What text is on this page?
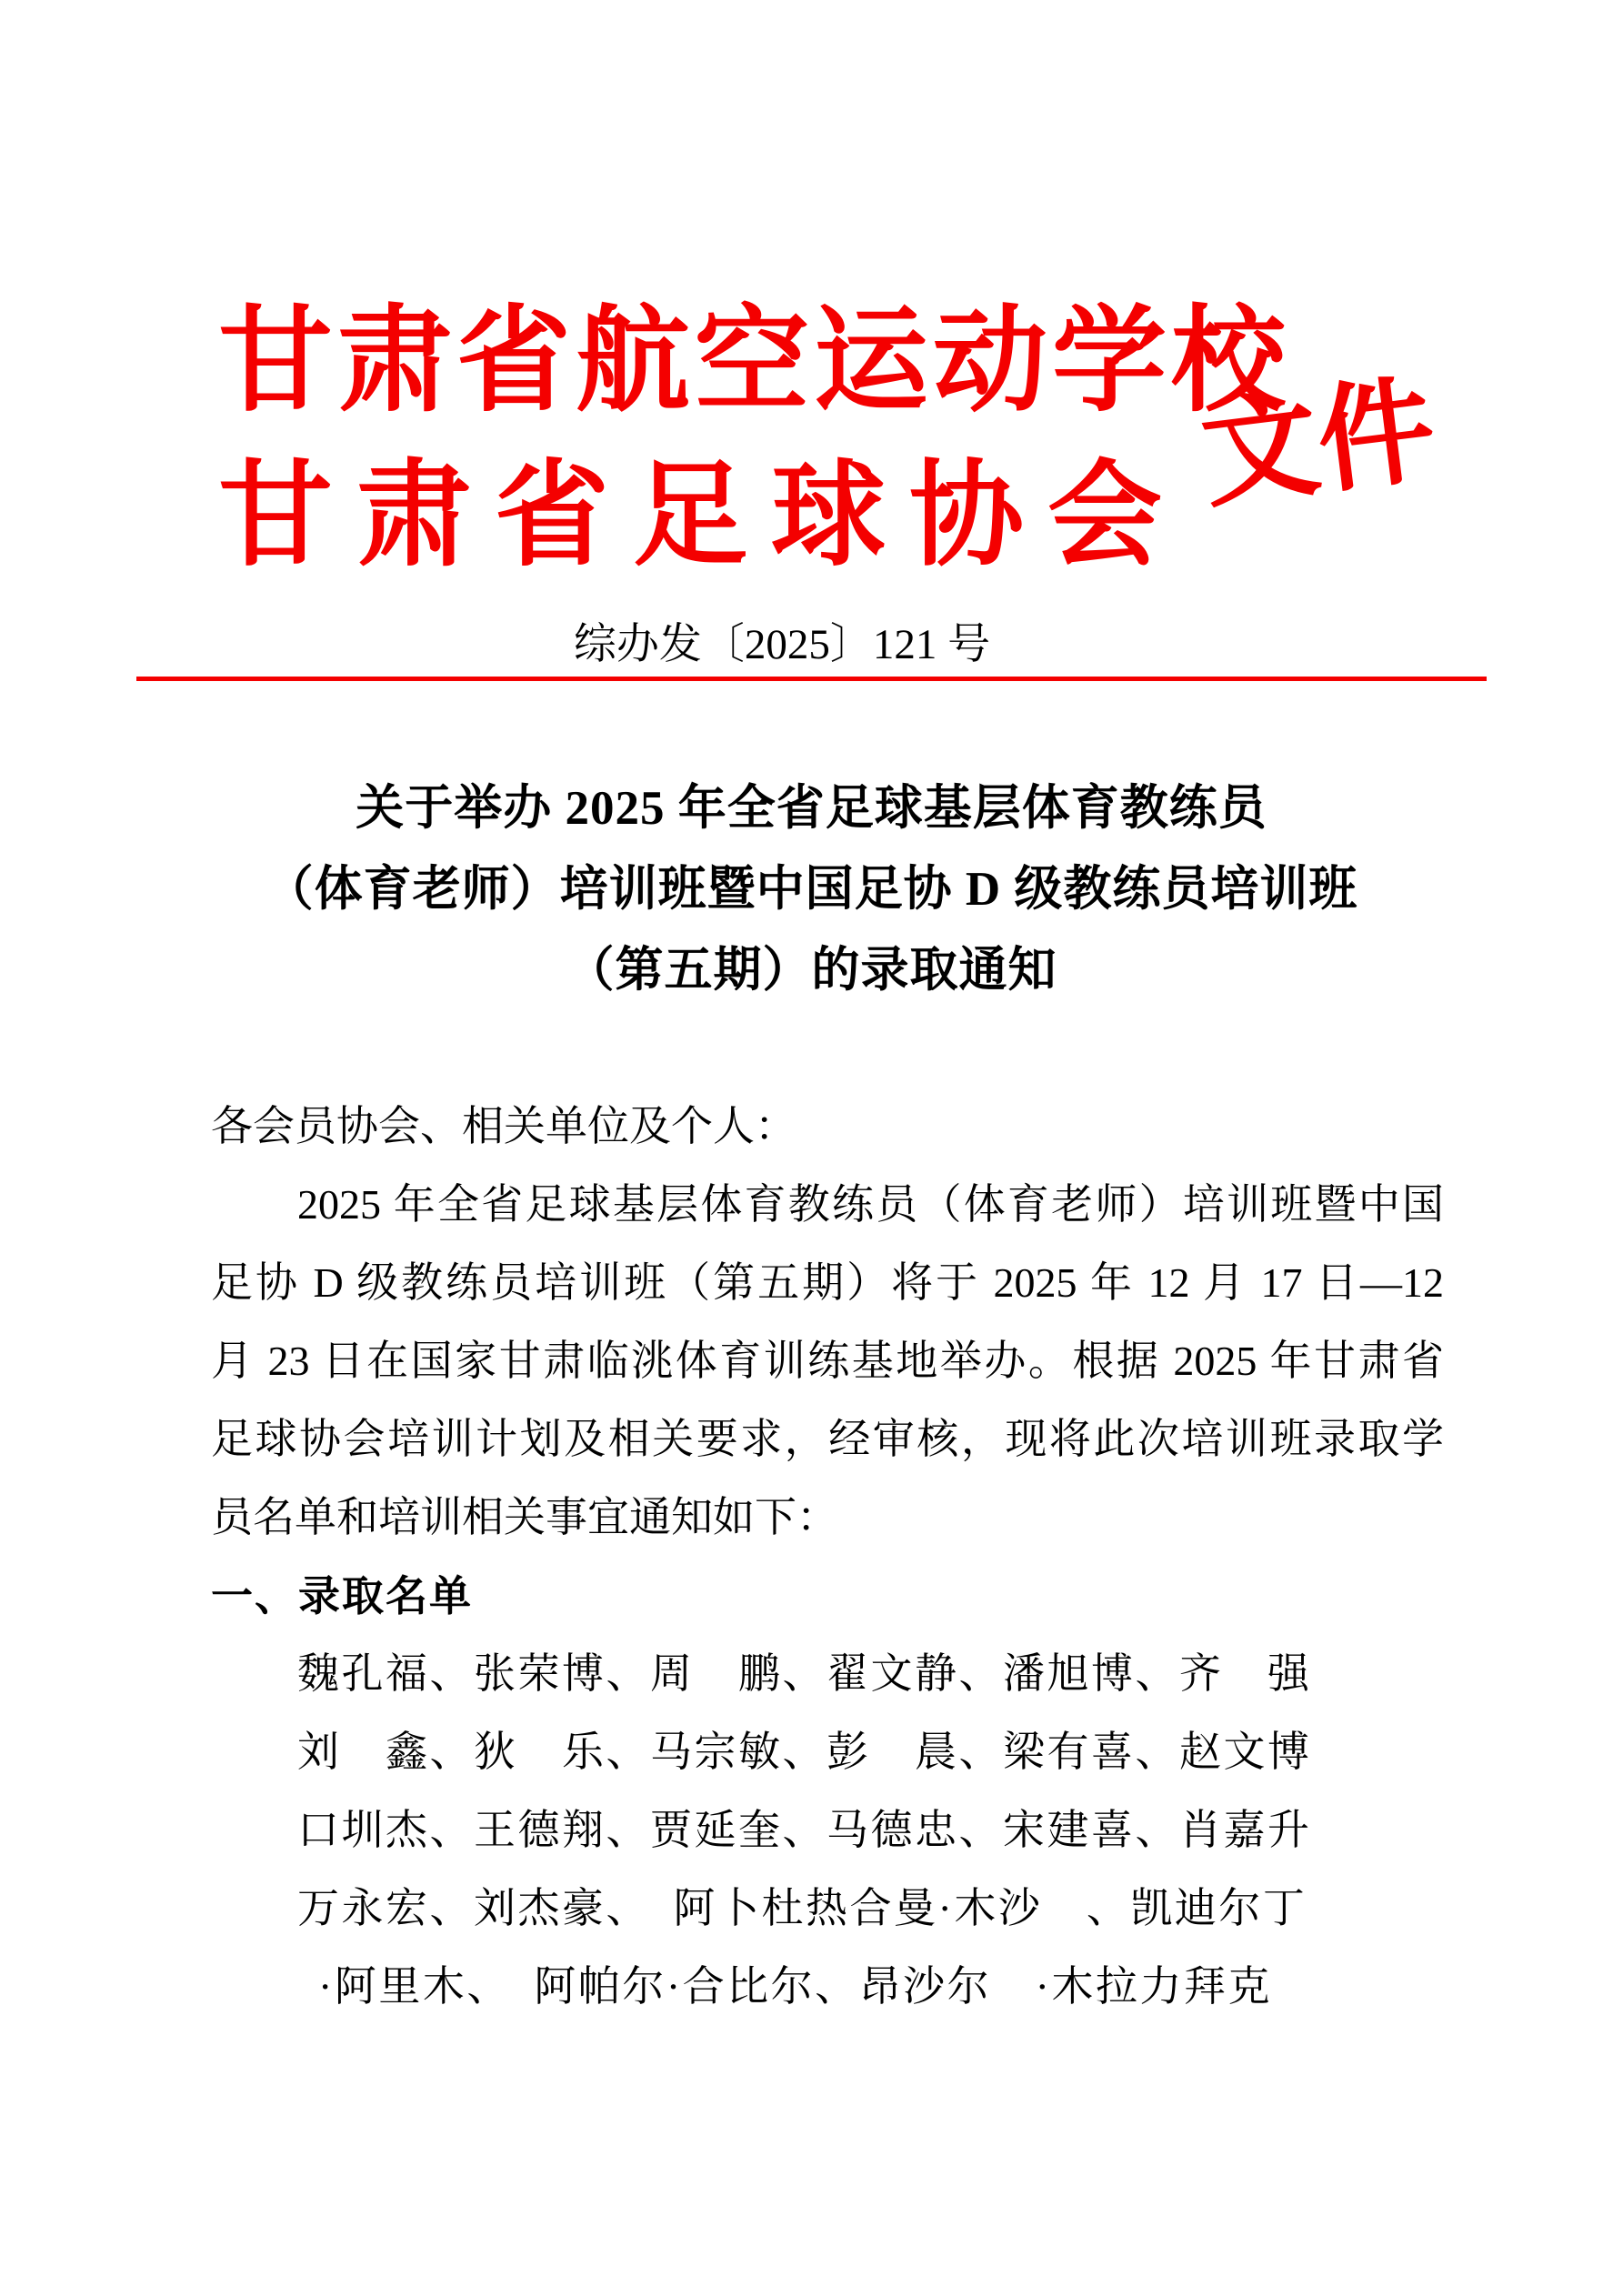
甘肃省航空运动学校
甘肃省足球协会 文件
综办发〔2025〕121 号
关于举办 2025 年全省足球基层体育教练员
（体育老师）培训班暨中国足协 D 级教练员培训班
（第五期）的录取通知
各会员协会、相关单位及个人：
2025 年全省足球基层体育教练员（体育老师）培训班暨中国
足协 D 级教练员培训班（第五期）将于 2025 年 12 月 17 日—12
月 23 日在国家甘肃临洮体育训练基地举办。根据 2025 年甘肃省
足球协会培训计划及相关要求，经审核，现将此次培训班录取学
员名单和培训相关事宜通知如下：
一、录取名单
魏孔福、张荣博、周　鹏、翟文静、潘旭博、齐　强
刘　鑫、狄　乐、马宗敏、彭　晨、梁有喜、赵文博
口圳杰、王德翔、贾延奎、马德忠、宋建喜、肖嘉升
万永宏、刘杰豪、　阿卜杜热合曼·木沙　、凯迪尔丁
·阿里木、　阿帕尔·合比尔、昂沙尔　·木拉力拜克
